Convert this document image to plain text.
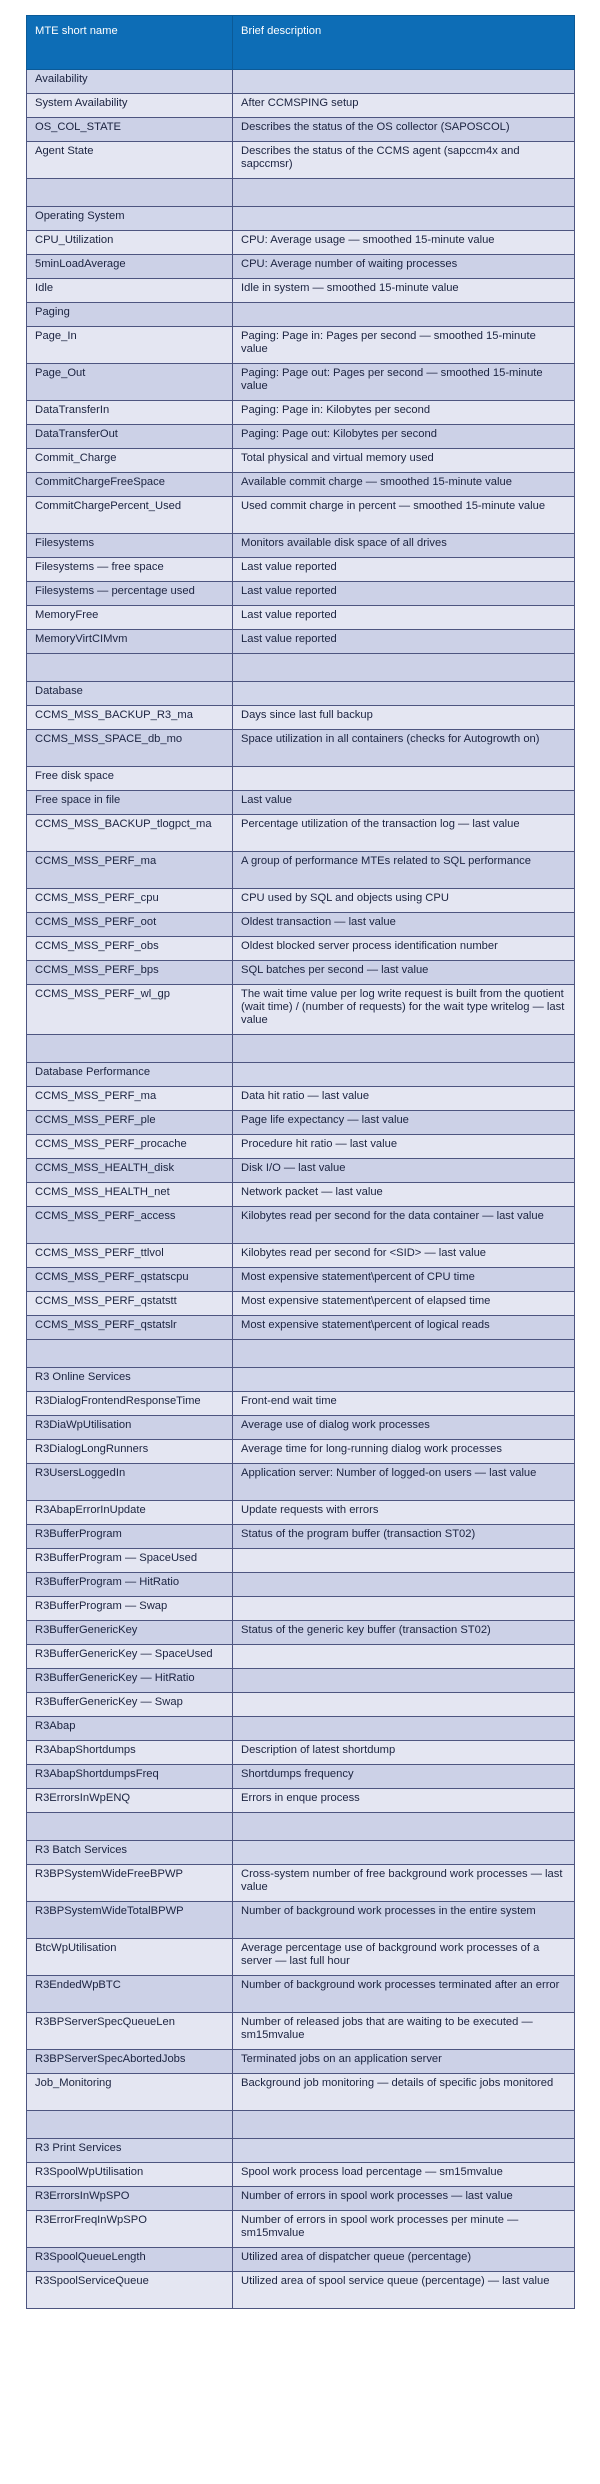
MTE short name	Brief description
Availability	
System Availability	After CCMSPING setup
OS_COL_STATE	Describes the status of the OS collector (SAPOSCOL)
Agent State	Describes the status of the CCMS agent (sapccm4x and sapccmsr)

Operating System	
CPU_Utilization	CPU: Average usage — smoothed 15-minute value
5minLoadAverage	CPU: Average number of waiting processes
Idle	Idle in system — smoothed 15-minute value
Paging	
Page_In	Paging: Page in: Pages per second — smoothed 15-minute value
Page_Out	Paging: Page out: Pages per second — smoothed 15-minute value
DataTransferIn	Paging: Page in: Kilobytes per second
DataTransferOut	Paging: Page out: Kilobytes per second
Commit_Charge	Total physical and virtual memory used
CommitChargeFreeSpace	Available commit charge — smoothed 15-minute value
CommitChargePercent_Used	Used commit charge in percent — smoothed 15-minute value
Filesystems	Monitors available disk space of all drives
Filesystems — free space	Last value reported
Filesystems — percentage used	Last value reported
MemoryFree	Last value reported
MemoryVirtCIMvm	Last value reported

Database	
CCMS_MSS_BACKUP_R3_ma	Days since last full backup
CCMS_MSS_SPACE_db_mo	Space utilization in all containers (checks for Autogrowth on)
Free disk space	
Free space in file	Last value
CCMS_MSS_BACKUP_tlogpct_ma	Percentage utilization of the transaction log — last value
CCMS_MSS_PERF_ma	A group of performance MTEs related to SQL performance
CCMS_MSS_PERF_cpu	CPU used by SQL and objects using CPU
CCMS_MSS_PERF_oot	Oldest transaction — last value
CCMS_MSS_PERF_obs	Oldest blocked server process identification number
CCMS_MSS_PERF_bps	SQL batches per second — last value
CCMS_MSS_PERF_wl_gp	The wait time value per log write request is built from the quotient (wait time) / (number of requests) for the wait type writelog — last value

Database Performance	
CCMS_MSS_PERF_ma	Data hit ratio — last value
CCMS_MSS_PERF_ple	Page life expectancy — last value
CCMS_MSS_PERF_procache	Procedure hit ratio — last value
CCMS_MSS_HEALTH_disk	Disk I/O — last value
CCMS_MSS_HEALTH_net	Network packet — last value
CCMS_MSS_PERF_access	Kilobytes read per second for the data container — last value
CCMS_MSS_PERF_ttlvol	Kilobytes read per second for <SID> — last value
CCMS_MSS_PERF_qstatscpu	Most expensive statement\percent of CPU time
CCMS_MSS_PERF_qstatstt	Most expensive statement\percent of elapsed time
CCMS_MSS_PERF_qstatslr	Most expensive statement\percent of logical reads

R3 Online Services	
R3DialogFrontendResponseTime	Front-end wait time
R3DiaWpUtilisation	Average use of dialog work processes
R3DialogLongRunners	Average time for long-running dialog work processes
R3UsersLoggedIn	Application server: Number of logged-on users — last value
R3AbapErrorInUpdate	Update requests with errors
R3BufferProgram	Status of the program buffer (transaction ST02)
R3BufferProgram — SpaceUsed	
R3BufferProgram — HitRatio	
R3BufferProgram — Swap	
R3BufferGenericKey	Status of the generic key buffer (transaction ST02)
R3BufferGenericKey — SpaceUsed	
R3BufferGenericKey — HitRatio	
R3BufferGenericKey — Swap	
R3Abap	
R3AbapShortdumps	Description of latest shortdump
R3AbapShortdumpsFreq	Shortdumps frequency
R3ErrorsInWpENQ	Errors in enque process

R3 Batch Services	
R3BPSystemWideFreeBPWP	Cross-system number of free background work processes — last value
R3BPSystemWideTotalBPWP	Number of background work processes in the entire system
BtcWpUtilisation	Average percentage use of background work processes of a server — last full hour
R3EndedWpBTC	Number of background work processes terminated after an error
R3BPServerSpecQueueLen	Number of released jobs that are waiting to be executed — sm15mvalue
R3BPServerSpecAbortedJobs	Terminated jobs on an application server
Job_Monitoring	Background job monitoring — details of specific jobs monitored

R3 Print Services	
R3SpoolWpUtilisation	Spool work process load percentage — sm15mvalue
R3ErrorsInWpSPO	Number of errors in spool work processes — last value
R3ErrorFreqInWpSPO	Number of errors in spool work processes per minute — sm15mvalue
R3SpoolQueueLength	Utilized area of dispatcher queue (percentage)
R3SpoolServiceQueue	Utilized area of spool service queue (percentage) — last value
